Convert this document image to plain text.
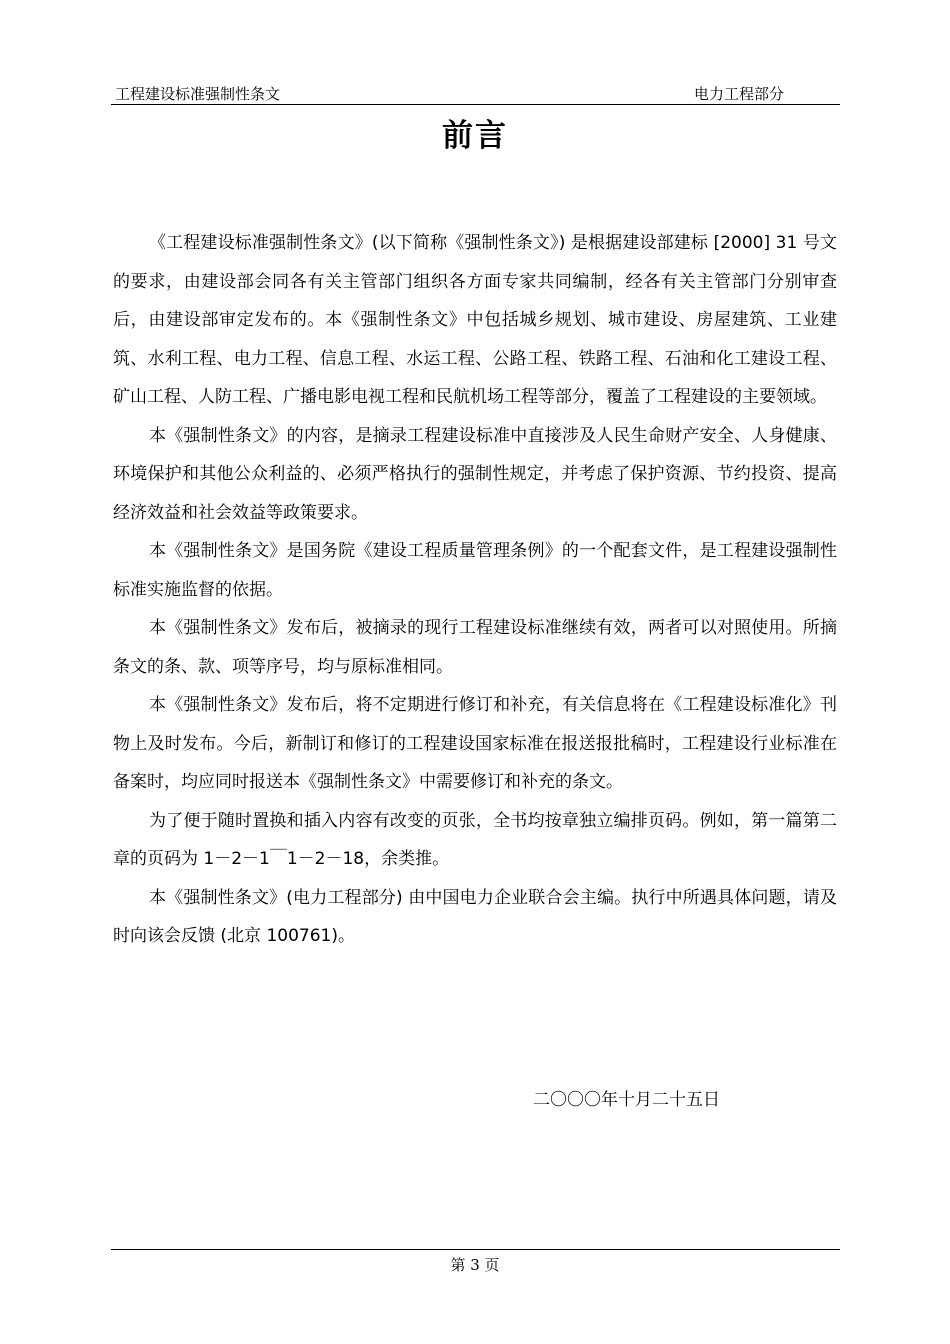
工程建设标准强制性条文	电力工程部分
前言

《工程建设标准强制性条文》(以下简称《强制性条文》) 是根据建设部建标 [2000] 31 号文的要求，由建设部会同各有关主管部门组织各方面专家共同编制，经各有关主管部门分别审查后，由建设部审定发布的。本《强制性条文》中包括城乡规划、城市建设、房屋建筑、工业建筑、水利工程、电力工程、信息工程、水运工程、公路工程、铁路工程、石油和化工建设工程、矿山工程、人防工程、广播电影电视工程和民航机场工程等部分，覆盖了工程建设的主要领域。

本《强制性条文》的内容，是摘录工程建设标准中直接涉及人民生命财产安全、人身健康、环境保护和其他公众利益的、必须严格执行的强制性规定，并考虑了保护资源、节约投资、提高经济效益和社会效益等政策要求。

本《强制性条文》是国务院《建设工程质量管理条例》的一个配套文件，是工程建设强制性标准实施监督的依据。

本《强制性条文》发布后，被摘录的现行工程建设标准继续有效，两者可以对照使用。所摘条文的条、款、项等序号，均与原标准相同。

本《强制性条文》发布后，将不定期进行修订和补充，有关信息将在《工程建设标准化》刊物上及时发布。今后，新制订和修订的工程建设国家标准在报送报批稿时，工程建设行业标准在备案时，均应同时报送本《强制性条文》中需要修订和补充的条文。

为了便于随时置换和插入内容有改变的页张，全书均按章独立编排页码。例如，第一篇第二章的页码为 1－2－1￣1－2－18，余类推。

本《强制性条文》(电力工程部分) 由中国电力企业联合会主编。执行中所遇具体问题，请及时向该会反馈 (北京 100761)。

二〇〇〇年十月二十五日
第 3 页
